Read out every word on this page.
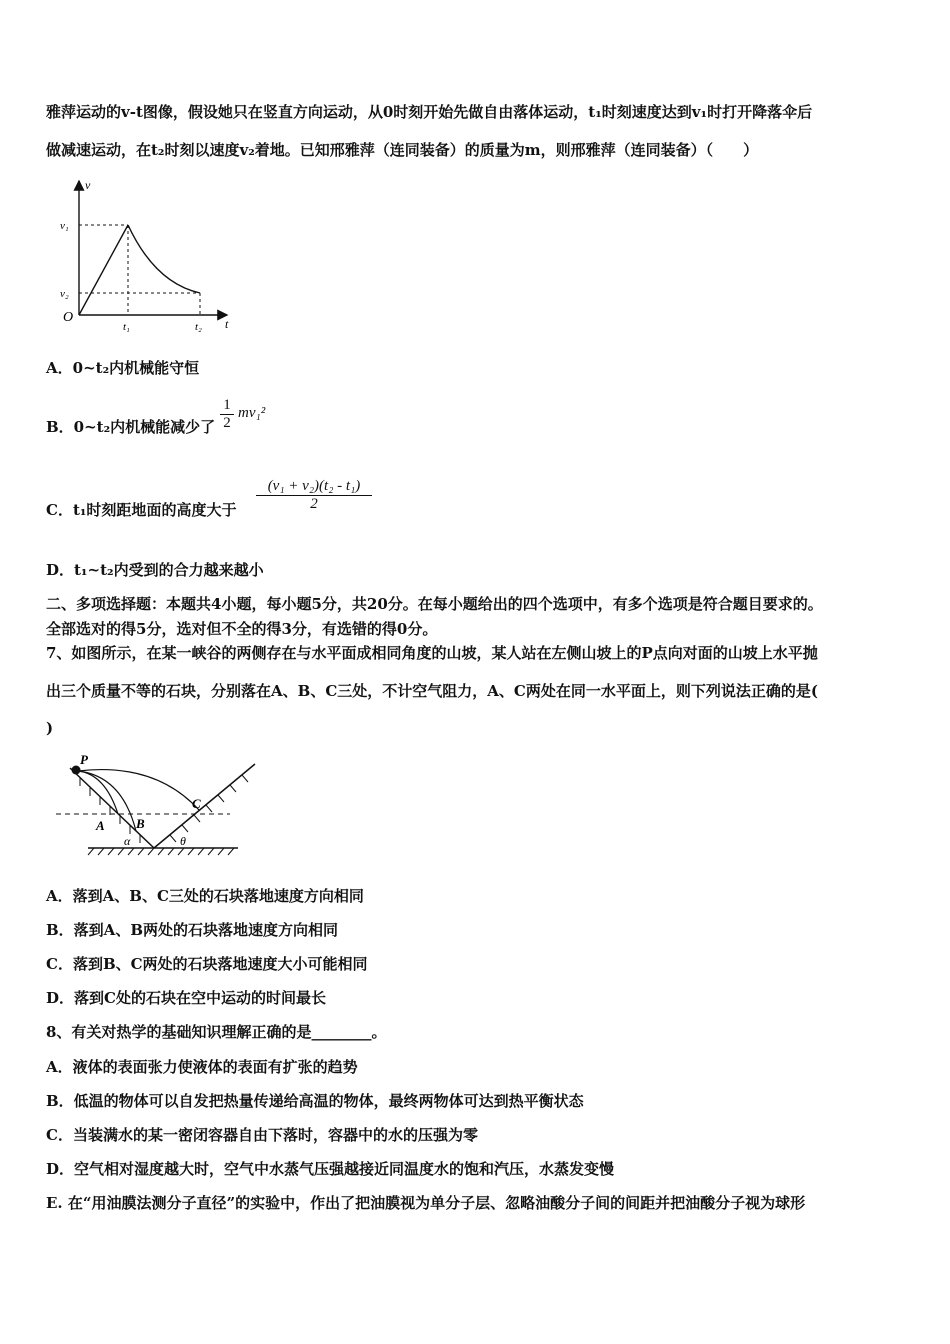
雅萍运动的v-t图像，假设她只在竖直方向运动，从0时刻开始先做自由落体运动，t₁时刻速度达到v₁时打开降落伞后
做减速运动，在t₂时刻以速度v₂着地。已知邢雅萍（连同装备）的质量为m，则邢雅萍（连同装备）（　　）
v
t
O
v₁
v₂
t₁	t₂
A．0~t₂内机械能守恒
B．0~t₂内机械能减少了
1
2
mv₁²
C．t₁时刻距地面的高度大于
(v₁ + v₂)(t₂ - t₁)
2
D．t₁~t₂内受到的合力越来越小
二、多项选择题：本题共4小题，每小题5分，共20分。在每小题给出的四个选项中，有多个选项是符合题目要求的。
全部选对的得5分，选对但不全的得3分，有选错的得0分。
7、如图所示，在某一峡谷的两侧存在与水平面成相同角度的山坡，某人站在左侧山坡上的P点向对面的山坡上水平抛
出三个质量不等的石块，分别落在A、B、C三处，不计空气阻力，A、C两处在同一水平面上，则下列说法正确的是(
)
P
A B
C
α	θ
A．落到A、B、C三处的石块落地速度方向相同
B．落到A、B两处的石块落地速度方向相同
C．落到B、C两处的石块落地速度大小可能相同
D．落到C处的石块在空中运动的时间最长
8、有关对热学的基础知识理解正确的是________。
A．液体的表面张力使液体的表面有扩张的趋势
B．低温的物体可以自发把热量传递给高温的物体，最终两物体可达到热平衡状态
C．当装满水的某一密闭容器自由下落时，容器中的水的压强为零
D．空气相对湿度越大时，空气中水蒸气压强越接近同温度水的饱和汽压，水蒸发变慢
E. 在“用油膜法测分子直径”的实验中，作出了把油膜视为单分子层、忽略油酸分子间的间距并把油酸分子视为球形
